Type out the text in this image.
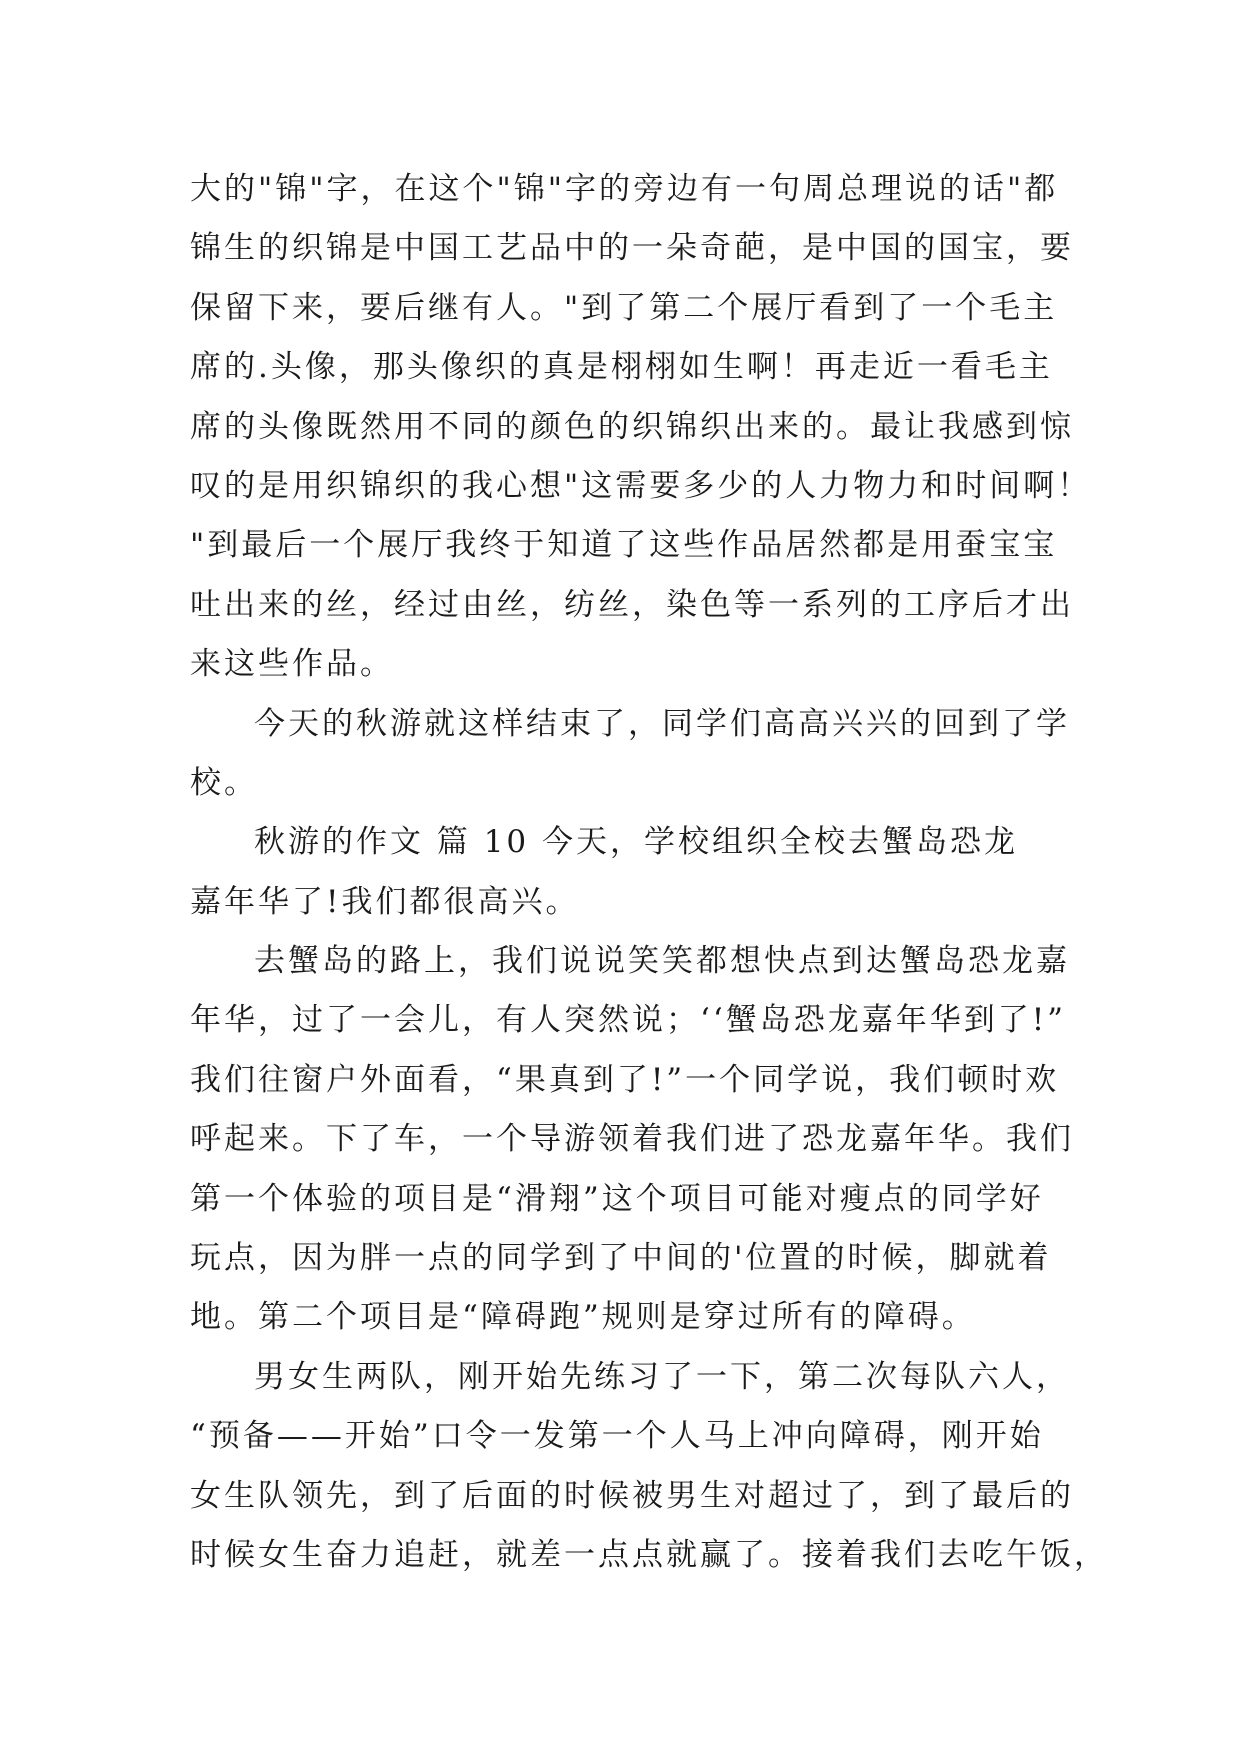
大的"锦"字，在这个"锦"字的旁边有一句周总理说的话"都
锦生的织锦是中国工艺品中的一朵奇葩，是中国的国宝，要
保留下来，要后继有人。"到了第二个展厅看到了一个毛主
席的.头像，那头像织的真是栩栩如生啊！再走近一看毛主
席的头像既然用不同的颜色的织锦织出来的。最让我感到惊
叹的是用织锦织的我心想"这需要多少的人力物力和时间啊！
"到最后一个展厅我终于知道了这些作品居然都是用蚕宝宝
吐出来的丝，经过由丝，纺丝，染色等一系列的工序后才出
来这些作品。
今天的秋游就这样结束了，同学们高高兴兴的回到了学
校。
秋游的作文 篇 10 今天，学校组织全校去蟹岛恐龙
嘉年华了!我们都很高兴。
去蟹岛的路上，我们说说笑笑都想快点到达蟹岛恐龙嘉
年华，过了一会儿，有人突然说；‘‘蟹岛恐龙嘉年华到了!”
我们往窗户外面看，“果真到了!”一个同学说，我们顿时欢
呼起来。下了车，一个导游领着我们进了恐龙嘉年华。我们
第一个体验的项目是“滑翔”这个项目可能对瘦点的同学好
玩点，因为胖一点的同学到了中间的'位置的时候，脚就着
地。第二个项目是“障碍跑”规则是穿过所有的障碍。
男女生两队，刚开始先练习了一下，第二次每队六人，
“预备——开始”口令一发第一个人马上冲向障碍，刚开始
女生队领先，到了后面的时候被男生对超过了，到了最后的
时候女生奋力追赶，就差一点点就赢了。接着我们去吃午饭，
